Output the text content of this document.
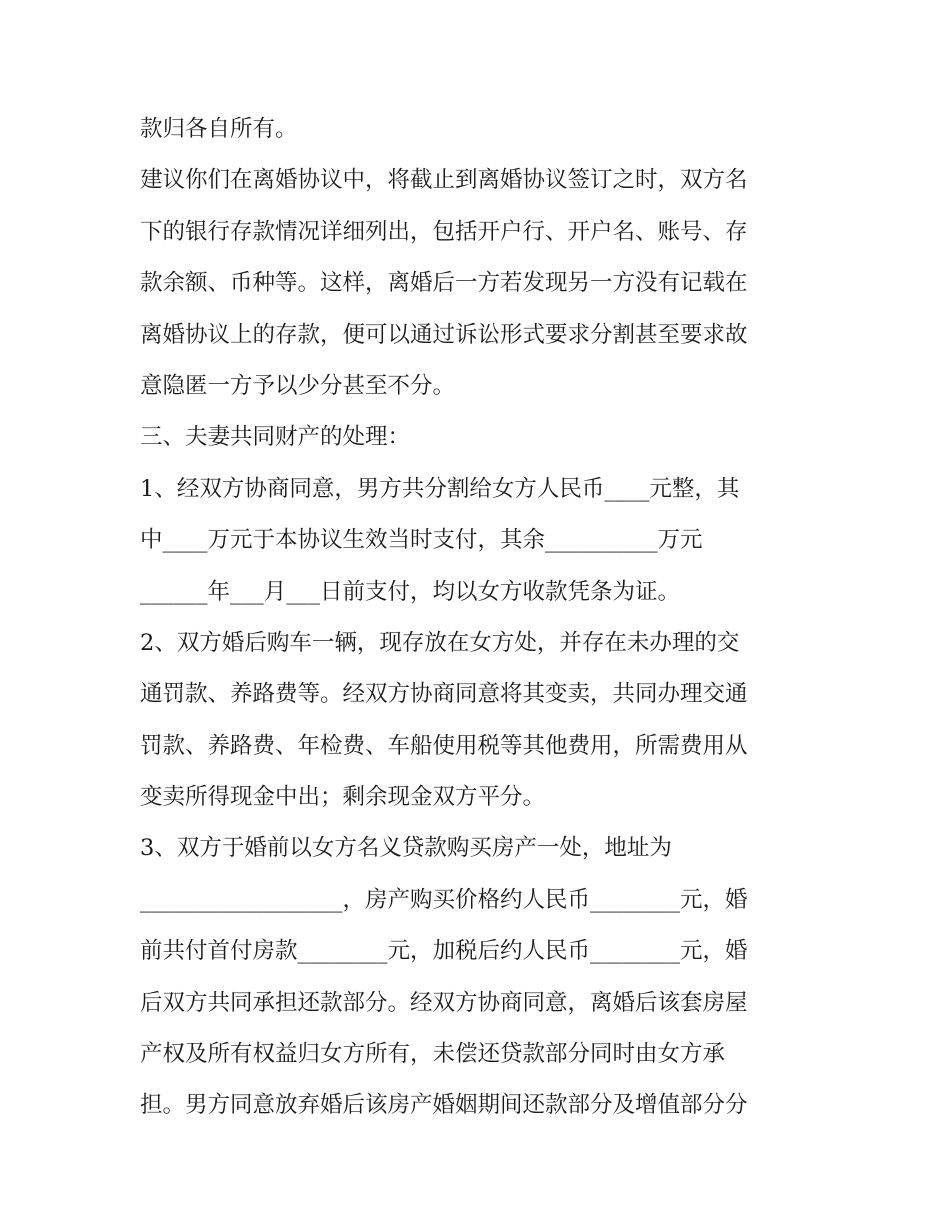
款归各自所有。
建议你们在离婚协议中，将截止到离婚协议签订之时，双方名
下的银行存款情况详细列出，包括开户行、开户名、账号、存
款余额、币种等。这样，离婚后一方若发现另一方没有记载在
离婚协议上的存款，便可以通过诉讼形式要求分割甚至要求故
意隐匿一方予以少分甚至不分。
三、夫妻共同财产的处理：
1、经双方协商同意，男方共分割给女方人民币____元整，其
中____万元于本协议生效当时支付，其余__________万元
______年___月___日前支付，均以女方收款凭条为证。
2、双方婚后购车一辆，现存放在女方处，并存在未办理的交
通罚款、养路费等。经双方协商同意将其变卖，共同办理交通
罚款、养路费、年检费、车船使用税等其他费用，所需费用从
变卖所得现金中出；剩余现金双方平分。
3、双方于婚前以女方名义贷款购买房产一处，地址为
__________________，房产购买价格约人民币________元，婚
前共付首付房款________元，加税后约人民币________元，婚
后双方共同承担还款部分。经双方协商同意，离婚后该套房屋
产权及所有权益归女方所有，未偿还贷款部分同时由女方承
担。男方同意放弃婚后该房产婚姻期间还款部分及增值部分分
